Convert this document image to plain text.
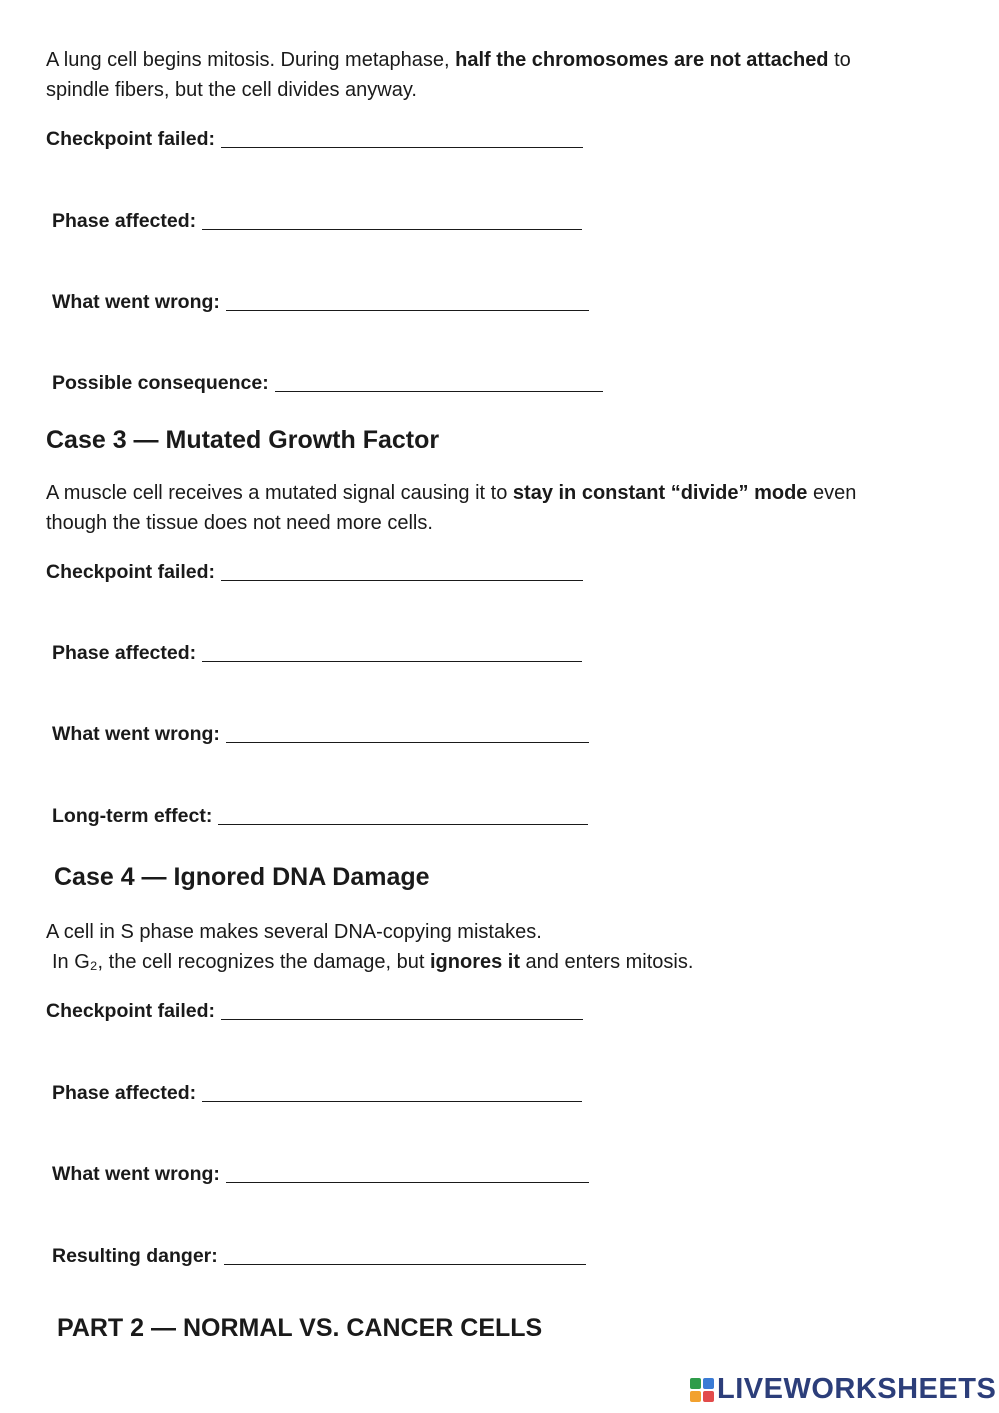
A lung cell begins mitosis. During metaphase, half the chromosomes are not attached to
spindle fibers, but the cell divides anyway.
Checkpoint failed:
Phase affected:
What went wrong:
Possible consequence:
Case 3 — Mutated Growth Factor
A muscle cell receives a mutated signal causing it to stay in constant “divide” mode even
though the tissue does not need more cells.
Checkpoint failed:
Phase affected:
What went wrong:
Long-term effect:
Case 4 — Ignored DNA Damage
A cell in S phase makes several DNA-copying mistakes.
In G₂, the cell recognizes the damage, but ignores it and enters mitosis.
Checkpoint failed:
Phase affected:
What went wrong:
Resulting danger:
PART 2 — NORMAL VS. CANCER CELLS
LIVEWORKSHEETS
